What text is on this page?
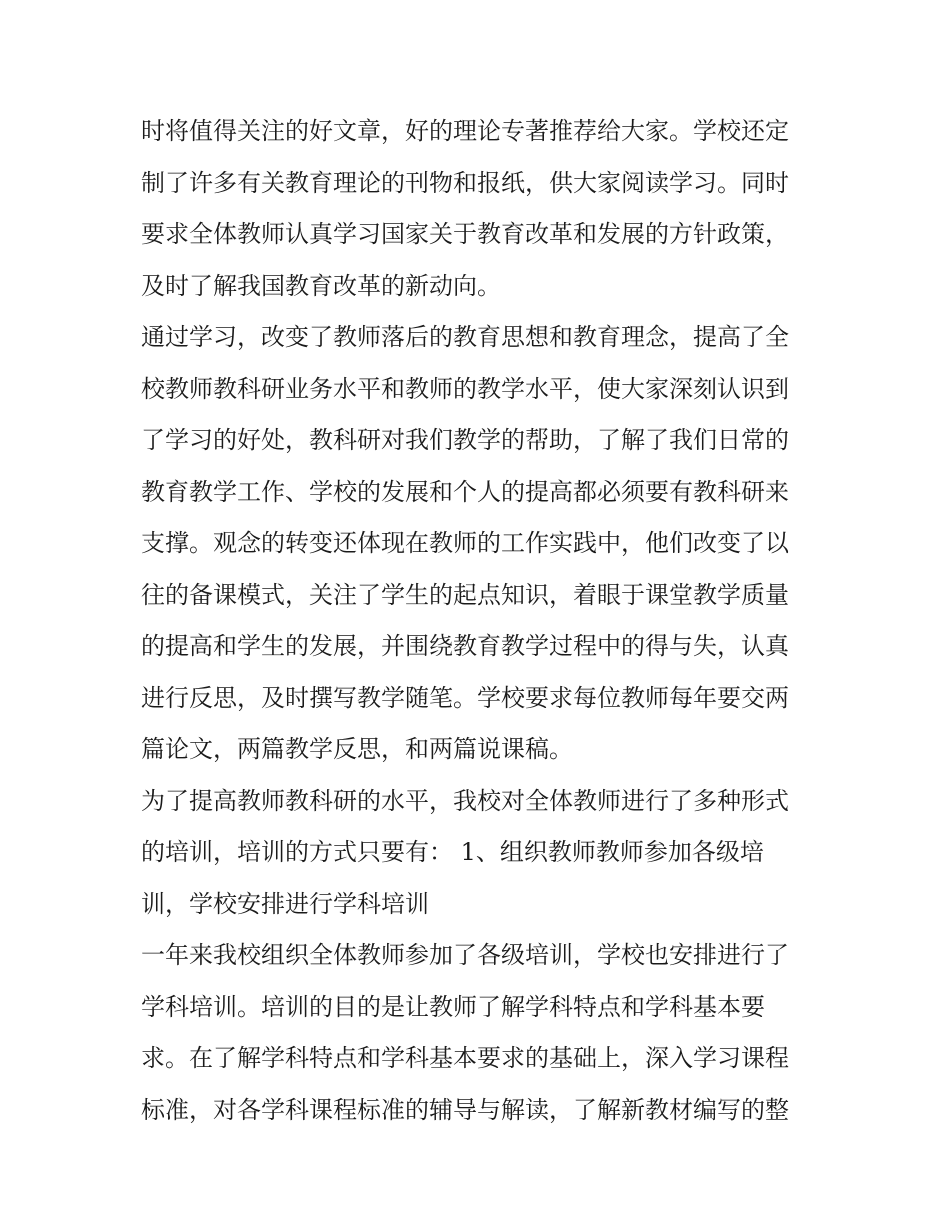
时将值得关注的好文章，好的理论专著推荐给大家。学校还定
制了许多有关教育理论的刊物和报纸，供大家阅读学习。同时
要求全体教师认真学习国家关于教育改革和发展的方针政策，
及时了解我国教育改革的新动向。
通过学习，改变了教师落后的教育思想和教育理念，提高了全
校教师教科研业务水平和教师的教学水平，使大家深刻认识到
了学习的好处，教科研对我们教学的帮助，了解了我们日常的
教育教学工作、学校的发展和个人的提高都必须要有教科研来
支撑。观念的转变还体现在教师的工作实践中，他们改变了以
往的备课模式，关注了学生的起点知识，着眼于课堂教学质量
的提高和学生的发展，并围绕教育教学过程中的得与失，认真
进行反思，及时撰写教学随笔。学校要求每位教师每年要交两
篇论文，两篇教学反思，和两篇说课稿。
为了提高教师教科研的水平，我校对全体教师进行了多种形式
的培训，培训的方式只要有： 1、组织教师教师参加各级培
训，学校安排进行学科培训
一年来我校组织全体教师参加了各级培训，学校也安排进行了
学科培训。培训的目的是让教师了解学科特点和学科基本要
求。在了解学科特点和学科基本要求的基础上，深入学习课程
标准，对各学科课程标准的辅导与解读，了解新教材编写的整
